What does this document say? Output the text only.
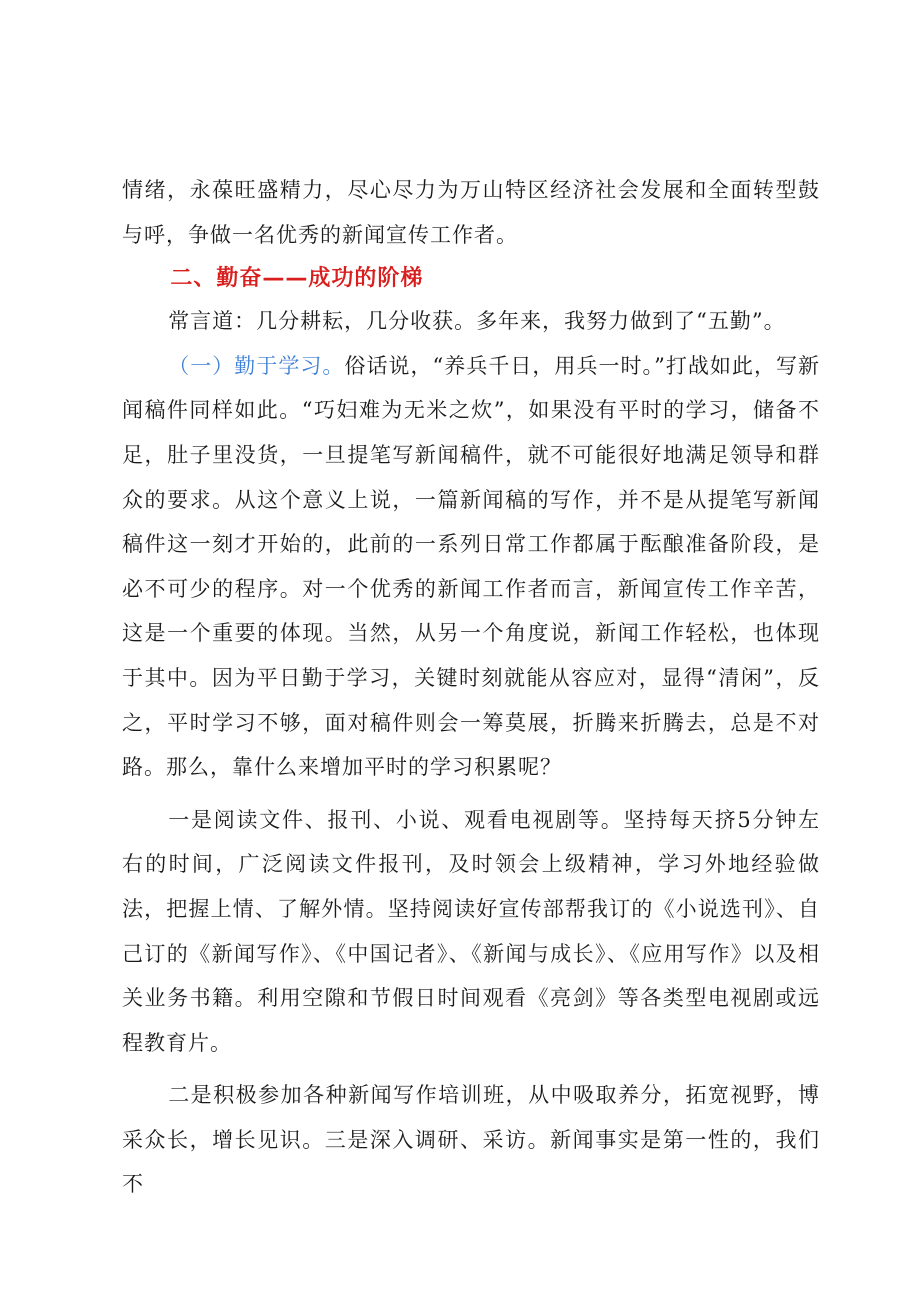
情绪，永葆旺盛精力，尽心尽力为万山特区经济社会发展和全面转型鼓与呼，争做一名优秀的新闻宣传工作者。

二、勤奋——成功的阶梯

常言道：几分耕耘，几分收获。多年来，我努力做到了“五勤”。

（一）勤于学习。俗话说，“养兵千日，用兵一时。”打战如此，写新闻稿件同样如此。“巧妇难为无米之炊”，如果没有平时的学习，储备不足，肚子里没货，一旦提笔写新闻稿件，就不可能很好地满足领导和群众的要求。从这个意义上说，一篇新闻稿的写作，并不是从提笔写新闻稿件这一刻才开始的，此前的一系列日常工作都属于酝酿准备阶段，是必不可少的程序。对一个优秀的新闻工作者而言，新闻宣传工作辛苦，这是一个重要的体现。当然，从另一个角度说，新闻工作轻松，也体现于其中。因为平日勤于学习，关键时刻就能从容应对，显得“清闲”，反之，平时学习不够，面对稿件则会一筹莫展，折腾来折腾去，总是不对路。那么，靠什么来增加平时的学习积累呢？

一是阅读文件、报刊、小说、观看电视剧等。坚持每天挤5分钟左右的时间，广泛阅读文件报刊，及时领会上级精神，学习外地经验做法，把握上情、了解外情。坚持阅读好宣传部帮我订的《小说选刊》、自己订的《新闻写作》、《中国记者》、《新闻与成长》、《应用写作》以及相关业务书籍。利用空隙和节假日时间观看《亮剑》等各类型电视剧或远程教育片。

二是积极参加各种新闻写作培训班，从中吸取养分，拓宽视野，博采众长，增长见识。三是深入调研、采访。新闻事实是第一性的，我们不
